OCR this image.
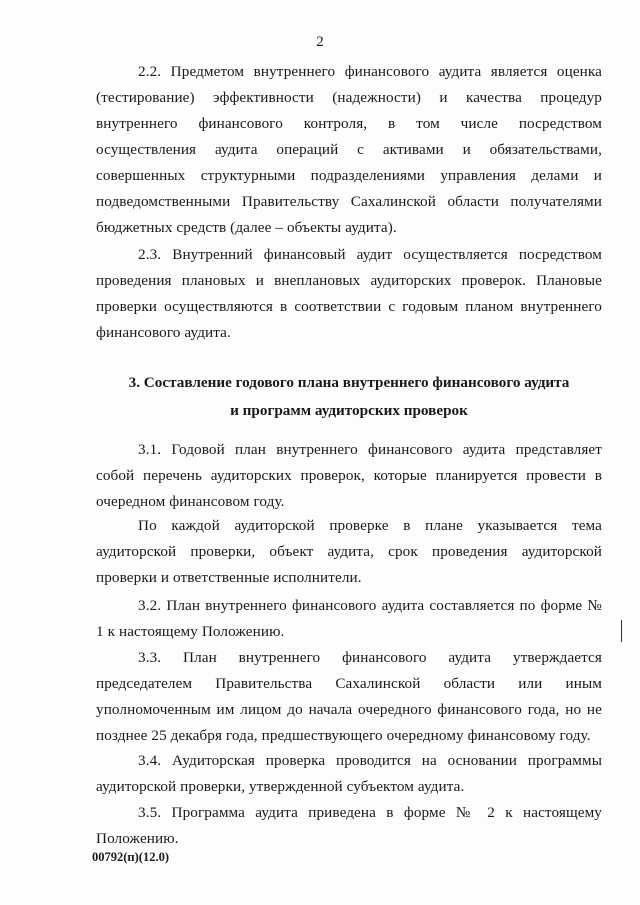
2
2.2. Предметом внутреннего финансового аудита является оценка (тестирование) эффективности (надежности) и качества процедур внутреннего финансового контроля, в том числе посредством осуществления аудита операций с активами и обязательствами, совершенных структурными подразделениями управления делами и подведомственными Правительству Сахалинской области получателями бюджетных средств (далее – объекты аудита).
2.3. Внутренний финансовый аудит осуществляется посредством проведения плановых и внеплановых аудиторских проверок. Плановые проверки осуществляются в соответствии с годовым планом внутреннего финансового аудита.
3. Составление годового плана внутреннего финансового аудита
и программ аудиторских проверок
3.1. Годовой план внутреннего финансового аудита представляет собой перечень аудиторских проверок, которые планируется провести в очередном финансовом году.
По каждой аудиторской проверке в плане указывается тема аудиторской проверки, объект аудита, срок проведения аудиторской проверки и ответственные исполнители.
3.2. План внутреннего финансового аудита составляется по форме № 1 к настоящему Положению.
3.3. План внутреннего финансового аудита утверждается председателем Правительства Сахалинской области или иным уполномоченным им лицом до начала очередного финансового года, но не позднее 25 декабря года, предшествующего очередному финансовому году.
3.4. Аудиторская проверка проводится на основании программы аудиторской проверки, утвержденной субъектом аудита.
3.5. Программа аудита приведена в форме № 2 к настоящему Положению.
00792(п)(12.0)
